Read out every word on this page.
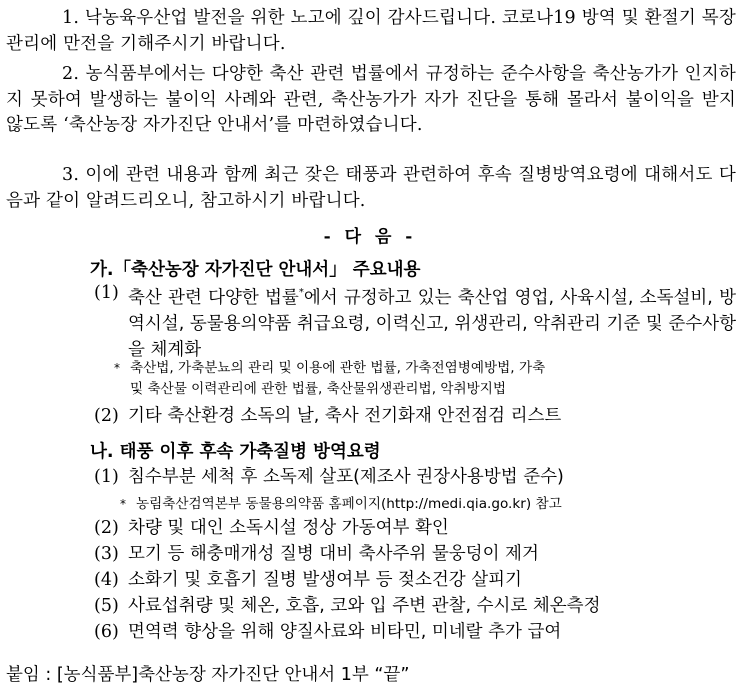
1. 낙농육우산업 발전을 위한 노고에 깊이 감사드립니다. 코로나19 방역 및 환절기 목장관리에 만전을 기해주시기 바랍니다.

2. 농식품부에서는 다양한 축산 관련 법률에서 규정하는 준수사항을 축산농가가 인지하지 못하여 발생하는 불이익 사례와 관련, 축산농가가 자가 진단을 통해 몰라서 불이익을 받지 않도록 ‘축산농장 자가진단 안내서’를 마련하였습니다.

3. 이에 관련 내용과 함께 최근 잦은 태풍과 관련하여 후속 질병방역요령에 대해서도 다음과 같이 알려드리오니, 참고하시기 바랍니다.

- 다 음 -

가.「축산농장 자가진단 안내서」 주요내용

(1) 축산 관련 다양한 법률*에서 규정하고 있는 축산업 영업, 사육시설, 소독설비, 방역시설, 동물용의약품 취급요령, 이력신고, 위생관리, 악취관리 기준 및 준수사항을 체계화
* 축산법, 가축분뇨의 관리 및 이용에 관한 법률, 가축전염병예방법, 가축
및 축산물 이력관리에 관한 법률, 축산물위생관리법, 악취방지법
(2) 기타 축산환경 소독의 날, 축사 전기화재 안전점검 리스트

나. 태풍 이후 후속 가축질병 방역요령

(1) 침수부분 세척 후 소독제 살포(제조사 권장사용방법 준수)
* 농림축산검역본부 동물용의약품 홈페이지(http://medi.qia.go.kr) 참고
(2) 차량 및 대인 소독시설 정상 가동여부 확인
(3) 모기 등 해충매개성 질병 대비 축사주위 물웅덩이 제거
(4) 소화기 및 호흡기 질병 발생여부 등 젖소건강 살피기
(5) 사료섭취량 및 체온, 호흡, 코와 입 주변 관찰, 수시로 체온측정
(6) 면역력 향상을 위해 양질사료와 비타민, 미네랄 추가 급여

붙임 : [농식품부]축산농장 자가진단 안내서 1부 “끝”
